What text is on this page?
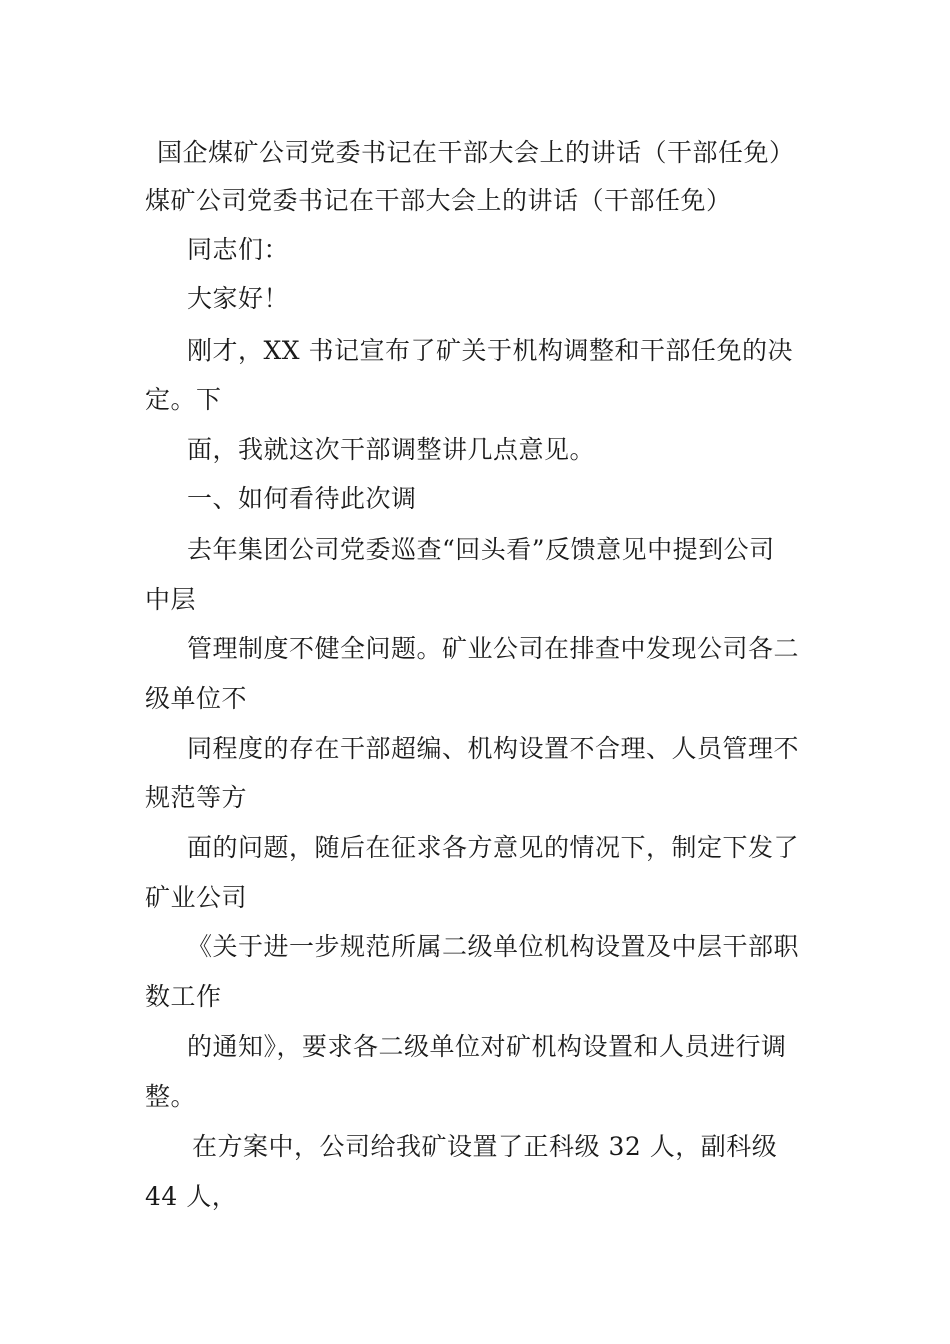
国企煤矿公司党委书记在干部大会上的讲话（干部任免）
煤矿公司党委书记在干部大会上的讲话（干部任免）
同志们：
大家好！
刚才，XX 书记宣布了矿关于机构调整和干部任免的决
定。下
面，我就这次干部调整讲几点意见。
一、如何看待此次调
去年集团公司党委巡查“回头看”反馈意见中提到公司
中层
管理制度不健全问题。矿业公司在排查中发现公司各二
级单位不
同程度的存在干部超编、机构设置不合理、人员管理不
规范等方
面的问题，随后在征求各方意见的情况下，制定下发了
矿业公司
《关于进一步规范所属二级单位机构设置及中层干部职
数工作
的通知》，要求各二级单位对矿机构设置和人员进行调
整。
在方案中，公司给我矿设置了正科级 32 人，副科级
44 人，
